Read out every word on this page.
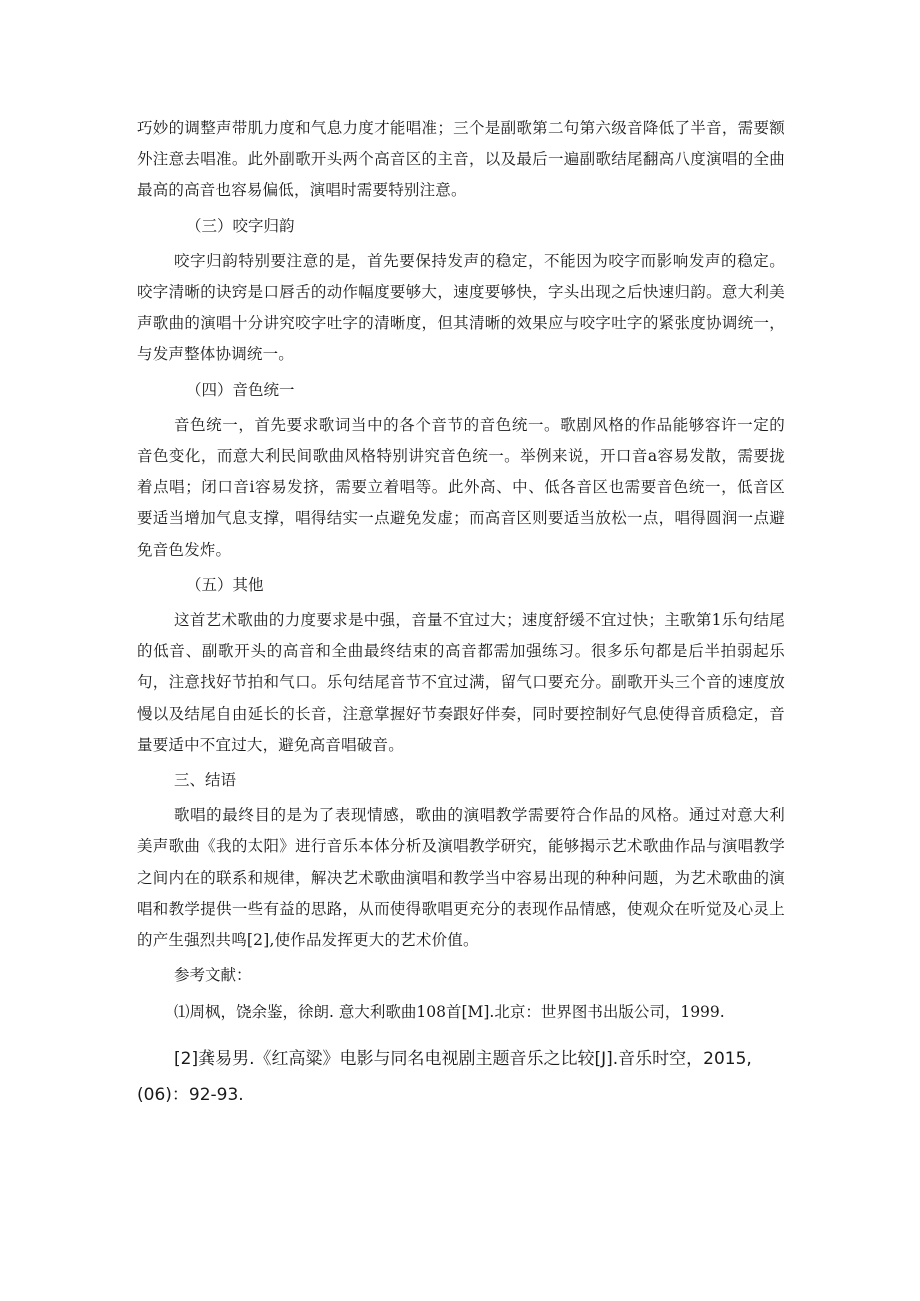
巧妙的调整声带肌力度和气息力度才能唱准；三个是副歌第二句第六级音降低了半音，需要额外注意去唱准。此外副歌开头两个高音区的主音，以及最后一遍副歌结尾翻高八度演唱的全曲最高的高音也容易偏低，演唱时需要特别注意。

（三）咬字归韵

咬字归韵特别要注意的是，首先要保持发声的稳定，不能因为咬字而影响发声的稳定。咬字清晰的诀窍是口唇舌的动作幅度要够大，速度要够快，字头出现之后快速归韵。意大利美声歌曲的演唱十分讲究咬字吐字的清晰度，但其清晰的效果应与咬字吐字的紧张度协调统一，与发声整体协调统一。

（四）音色统一

音色统一，首先要求歌词当中的各个音节的音色统一。歌剧风格的作品能够容许一定的音色变化，而意大利民间歌曲风格特别讲究音色统一。举例来说，开口音a容易发散，需要拢着点唱；闭口音i容易发挤，需要立着唱等。此外高、中、低各音区也需要音色统一，低音区要适当增加气息支撑，唱得结实一点避免发虚；而高音区则要适当放松一点，唱得圆润一点避免音色发炸。

（五）其他

这首艺术歌曲的力度要求是中强，音量不宜过大；速度舒缓不宜过快；主歌第1乐句结尾的低音、副歌开头的高音和全曲最终结束的高音都需加强练习。很多乐句都是后半拍弱起乐句，注意找好节拍和气口。乐句结尾音节不宜过满，留气口要充分。副歌开头三个音的速度放慢以及结尾自由延长的长音，注意掌握好节奏跟好伴奏，同时要控制好气息使得音质稳定，音量要适中不宜过大，避免高音唱破音。

三、结语

歌唱的最终目的是为了表现情感，歌曲的演唱教学需要符合作品的风格。通过对意大利美声歌曲《我的太阳》进行音乐本体分析及演唱教学研究，能够揭示艺术歌曲作品与演唱教学之间内在的联系和规律，解决艺术歌曲演唱和教学当中容易出现的种种问题，为艺术歌曲的演唱和教学提供一些有益的思路，从而使得歌唱更充分的表现作品情感，使观众在听觉及心灵上的产生强烈共鸣[2],使作品发挥更大的艺术价值。

参考文献：

⑴周枫，饶余鉴，徐朗. 意大利歌曲108首[M].北京：世界图书出版公司，1999.

[2]龚易男.《红高粱》电影与同名电视剧主题音乐之比较[J].音乐时空，2015,(06)：92-93.
